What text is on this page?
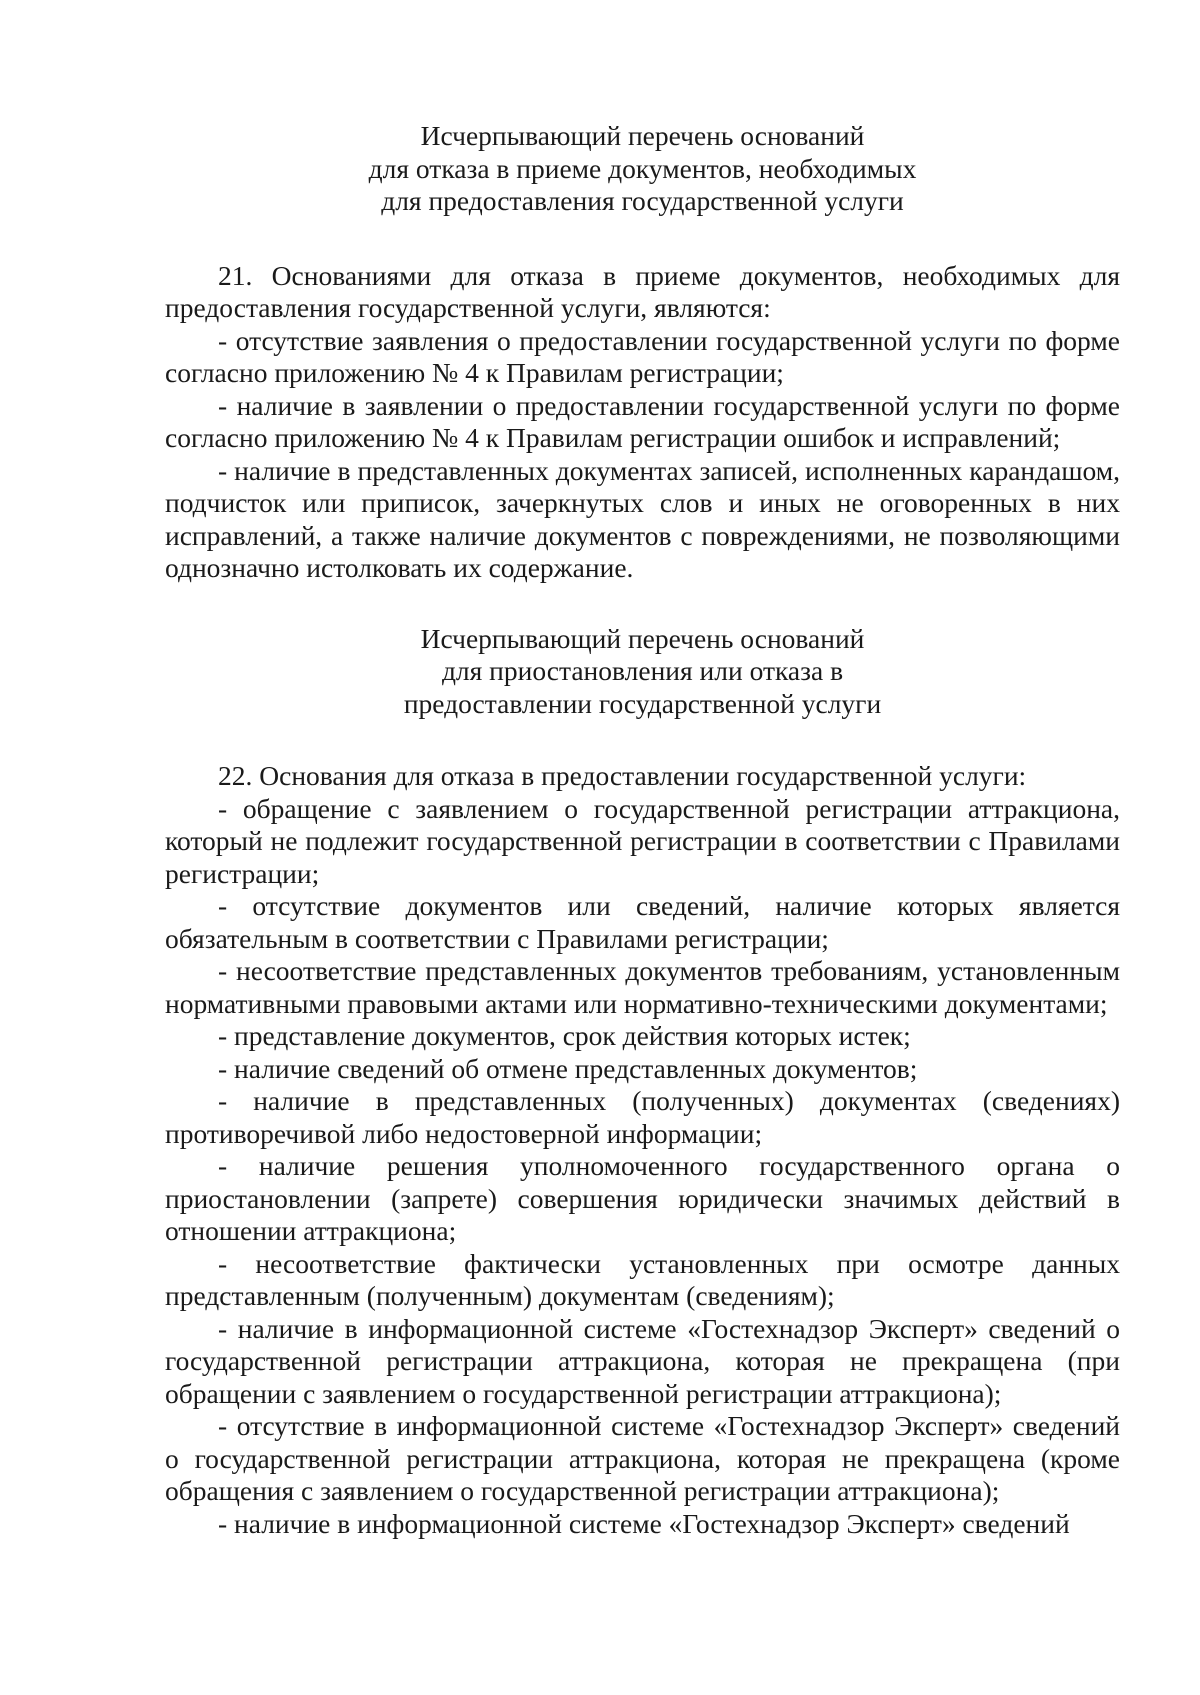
Исчерпывающий перечень оснований
для отказа в приеме документов, необходимых
для предоставления государственной услуги

21. Основаниями для отказа в приеме документов, необходимых для предоставления государственной услуги, являются:

- отсутствие заявления о предоставлении государственной услуги по форме согласно приложению № 4 к Правилам регистрации;

- наличие в заявлении о предоставлении государственной услуги по форме согласно приложению № 4 к Правилам регистрации ошибок и исправлений;

- наличие в представленных документах записей, исполненных карандашом, подчисток или приписок, зачеркнутых слов и иных не оговоренных в них исправлений, а также наличие документов с повреждениями, не позволяющими однозначно истолковать их содержание.

Исчерпывающий перечень оснований
для приостановления или отказа в
предоставлении государственной услуги

22. Основания для отказа в предоставлении государственной услуги:

- обращение с заявлением о государственной регистрации аттракциона, который не подлежит государственной регистрации в соответствии с Правилами регистрации;

- отсутствие документов или сведений, наличие которых является обязательным в соответствии с Правилами регистрации;

- несоответствие представленных документов требованиям, установленным нормативными правовыми актами или нормативно-техническими документами;

- представление документов, срок действия которых истек;

- наличие сведений об отмене представленных документов;

- наличие в представленных (полученных) документах (сведениях) противоречивой либо недостоверной информации;

- наличие решения уполномоченного государственного органа о приостановлении (запрете) совершения юридически значимых действий в отношении аттракциона;

- несоответствие фактически установленных при осмотре данных представленным (полученным) документам (сведениям);

- наличие в информационной системе «Гостехнадзор Эксперт» сведений о государственной регистрации аттракциона, которая не прекращена (при обращении с заявлением о государственной регистрации аттракциона);

- отсутствие в информационной системе «Гостехнадзор Эксперт» сведений о государственной регистрации аттракциона, которая не прекращена (кроме обращения с заявлением о государственной регистрации аттракциона);

- наличие в информационной системе «Гостехнадзор Эксперт» сведений
